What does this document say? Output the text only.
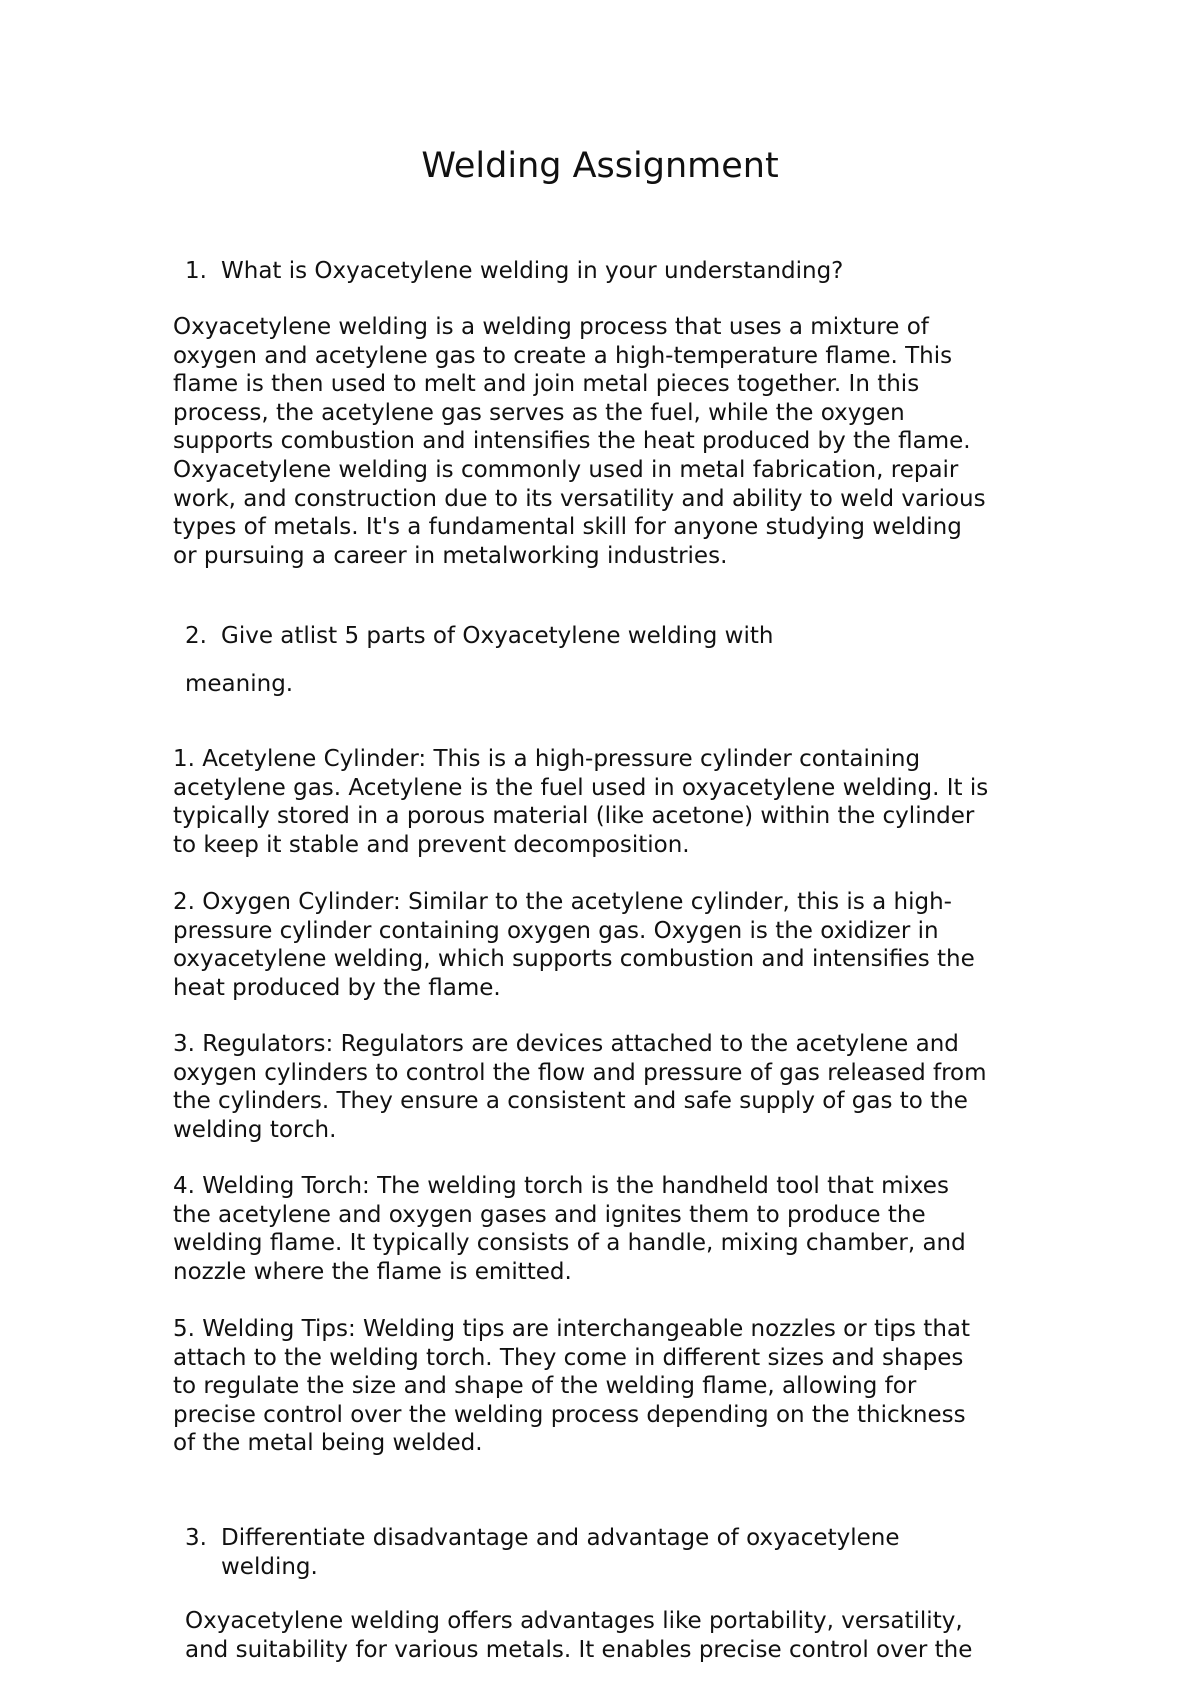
Welding Assignment
1. What is Oxyacetylene welding in your understanding?

Oxyacetylene welding is a welding process that uses a mixture of
oxygen and acetylene gas to create a high-temperature flame. This
flame is then used to melt and join metal pieces together. In this
process, the acetylene gas serves as the fuel, while the oxygen
supports combustion and intensifies the heat produced by the flame.
Oxyacetylene welding is commonly used in metal fabrication, repair
work, and construction due to its versatility and ability to weld various
types of metals. It's a fundamental skill for anyone studying welding
or pursuing a career in metalworking industries.

2. Give atlist 5 parts of Oxyacetylene welding with
meaning.

1. Acetylene Cylinder: This is a high-pressure cylinder containing
acetylene gas. Acetylene is the fuel used in oxyacetylene welding. It is
typically stored in a porous material (like acetone) within the cylinder
to keep it stable and prevent decomposition.

2. Oxygen Cylinder: Similar to the acetylene cylinder, this is a high-
pressure cylinder containing oxygen gas. Oxygen is the oxidizer in
oxyacetylene welding, which supports combustion and intensifies the
heat produced by the flame.

3. Regulators: Regulators are devices attached to the acetylene and
oxygen cylinders to control the flow and pressure of gas released from
the cylinders. They ensure a consistent and safe supply of gas to the
welding torch.

4. Welding Torch: The welding torch is the handheld tool that mixes
the acetylene and oxygen gases and ignites them to produce the
welding flame. It typically consists of a handle, mixing chamber, and
nozzle where the flame is emitted.

5. Welding Tips: Welding tips are interchangeable nozzles or tips that
attach to the welding torch. They come in different sizes and shapes
to regulate the size and shape of the welding flame, allowing for
precise control over the welding process depending on the thickness
of the metal being welded.

3. Differentiate disadvantage and advantage of oxyacetylene
welding.

Oxyacetylene welding offers advantages like portability, versatility,
and suitability for various metals. It enables precise control over the
